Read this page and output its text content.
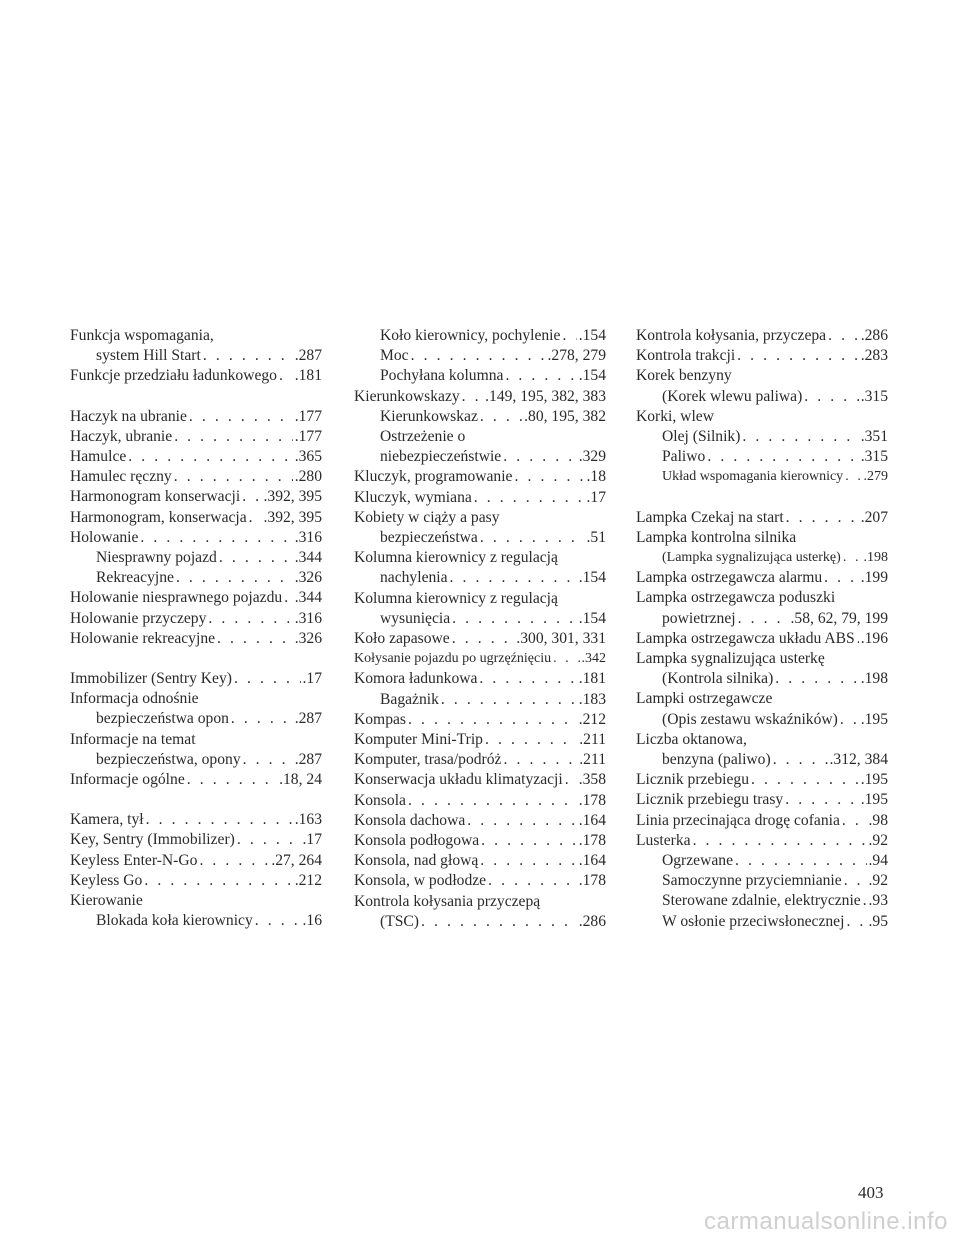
Funkcja wspomagania,
system Hill Start . . .	.287
Funkcje przedziału ładunkowego . . . .181
Haczyk na ubranie . . .	.177
Haczyk, ubranie . . .	.177
Hamulce . . .	.365
Hamulec ręczny . . .	.280
Harmonogram konserwacji . . . .392, 395
Harmonogram, konserwacja . . . .392, 395
Holowanie . . .	.316
Niesprawny pojazd . . .	.344
Rekreacyjne . . .	.326
Holowanie niesprawnego pojazdu . . . .344
Holowanie przyczepy . . .	.316
Holowanie rekreacyjne . . .	.326
Immobilizer (Sentry Key) . . .	.17
Informacja odnośnie
bezpieczeństwa opon . . .	.287
Informacje na temat
bezpieczeństwa, opony . . .	.287
Informacje ogólne . . .	.18, 24
Kamera, tył . . .	.163
Key, Sentry (Immobilizer) . . .	.17
Keyless Enter-N-Go . . .	.27, 264
Keyless Go . . .	.212
Kierowanie
Blokada koła kierownicy . . .	.16
Koło kierownicy, pochylenie . . . .154
Moc . . .	.278, 279
Pochyłana kolumna . . .	.154
Kierunkowskazy . . . .149, 195, 382, 383
Kierunkowskaz . . .	.80, 195, 382
Ostrzeżenie o
niebezpieczeństwie . . .	.329
Kluczyk, programowanie . . .	.18
Kluczyk, wymiana . . .	.17
Kobiety w ciąży a pasy
bezpieczeństwa . . .	.51
Kolumna kierownicy z regulacją
nachylenia . . .	.154
Kolumna kierownicy z regulacją
wysunięcia . . .	.154
Koło zapasowe . . .	.300, 301, 331
Kołysanie pojazdu po ugrzęźnięciu . . . .342
Komora ładunkowa . . .	.181
Bagażnik . . .	.183
Kompas . . .	.212
Komputer Mini-Trip . . .	.211
Komputer, trasa/podróż . . .	.211
Konserwacja układu klimatyzacji . . . .358
Konsola . . .	.178
Konsola dachowa . . .	.164
Konsola podłogowa . . .	.178
Konsola, nad głową . . .	.164
Konsola, w podłodze . . .	.178
Kontrola kołysania przyczepą
(TSC) . . .	.286
Kontrola kołysania, przyczepa . . . .286
Kontrola trakcji . . .	.283
Korek benzyny
(Korek wlewu paliwa) . . .	.315
Korki, wlew
Olej (Silnik) . . .	.351
Paliwo . . .	.315
Układ wspomagania kierownicy . . . .279
Lampka Czekaj na start . . .	.207
Lampka kontrolna silnika
(Lampka sygnalizująca usterkę) . . . .198
Lampka ostrzegawcza alarmu . . . .199
Lampka ostrzegawcza poduszki
powietrznej . . .	.58, 62, 79, 199
Lampka ostrzegawcza układu ABS . . . .196
Lampka sygnalizująca usterkę
(Kontrola silnika) . . .	.198
Lampki ostrzegawcze
(Opis zestawu wskaźników) . . . .195
Liczba oktanowa,
benzyna (paliwo) . . .	.312, 384
Licznik przebiegu . . .	.195
Licznik przebiegu trasy . . .	.195
Linia przecinająca drogę cofania . . . .98
Lusterka . . .	.92
Ogrzewane . . .	.94
Samoczynne przyciemnianie . . . .92
Sterowane zdalnie, elektrycznie . . . .93
W osłonie przeciwsłonecznej . . . .95
403
carmanualsonline.info
